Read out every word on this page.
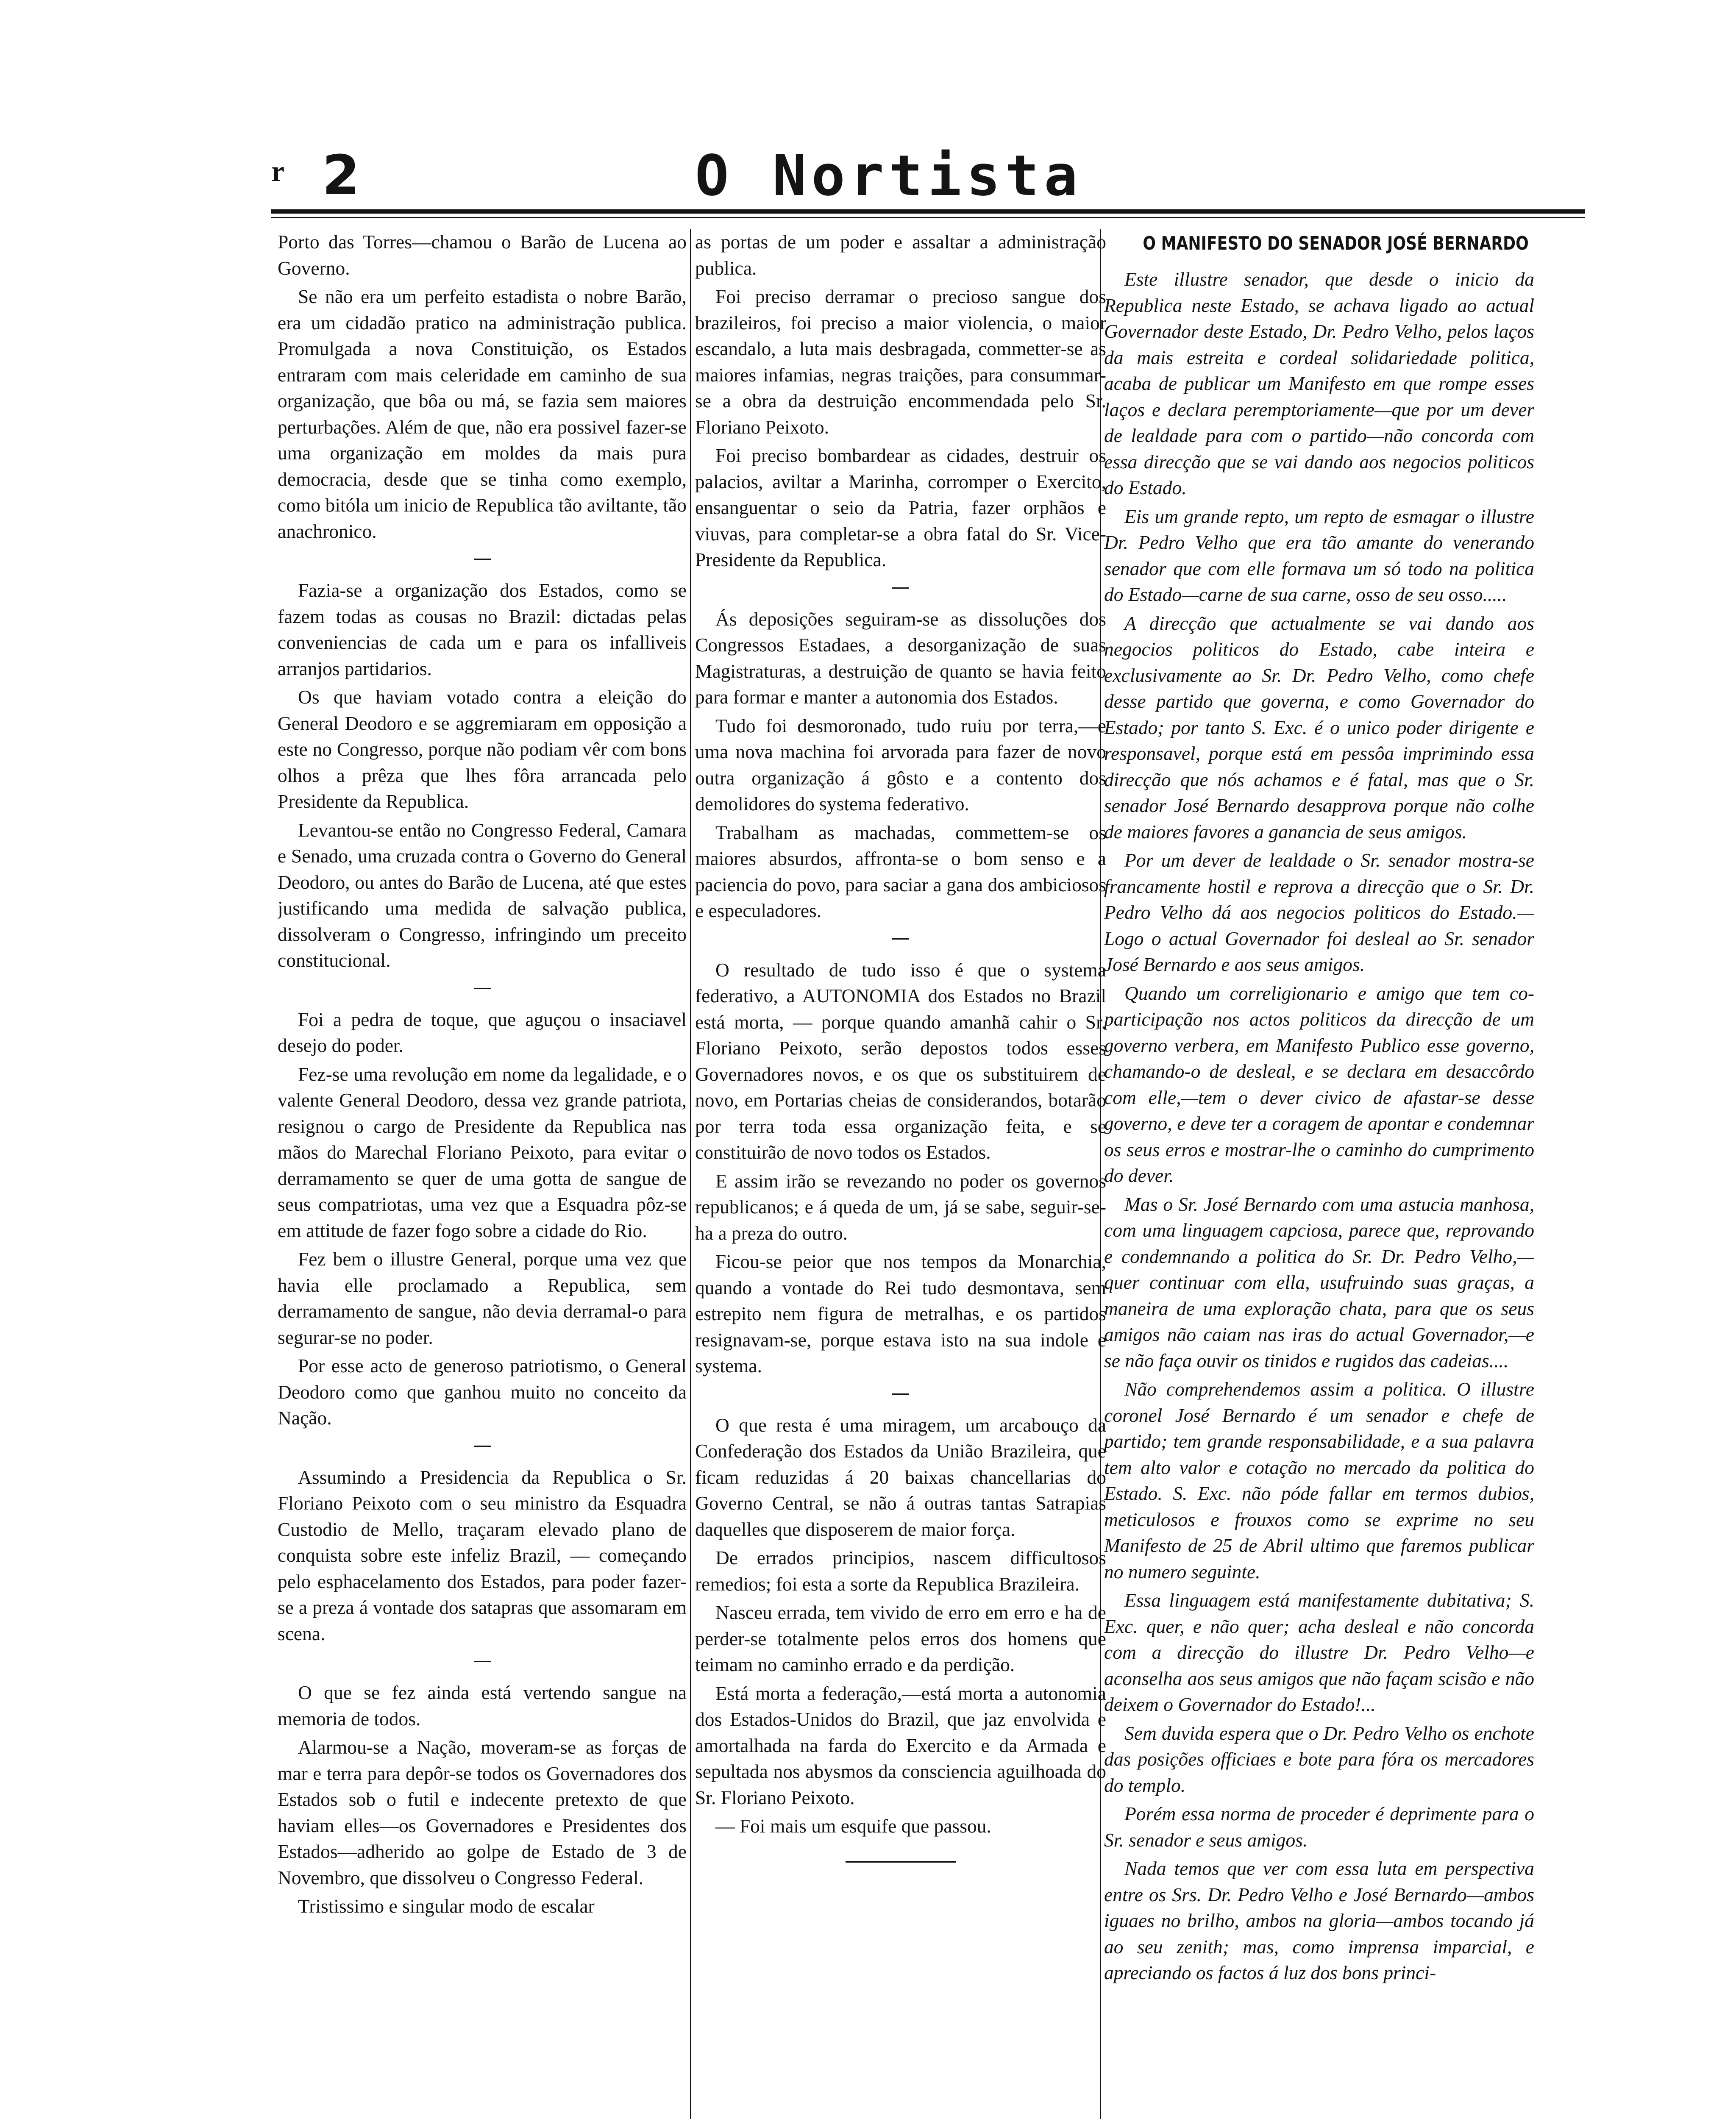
r 2	O Nortista

Porto das Torres—chamou o Barão de Lucena ao Governo.

Se não era um perfeito estadista o nobre Barão, era um cidadão pratico na administração publica. Promulgada a nova Constituição, os Estados entraram com mais celeridade em caminho de sua organização, que bôa ou má, se fazia sem maiores perturbações. Além de que, não era possivel fazer-se uma organização em moldes da mais pura democracia, desde que se tinha como exemplo, como bitóla um inicio de Republica tão aviltante, tão anachronico.

Fazia-se a organização dos Estados, como se fazem todas as cousas no Brazil: dictadas pelas conveniencias de cada um e para os infalliveis arranjos partidarios.

Os que haviam votado contra a eleição do General Deodoro e se aggremiaram em opposição a este no Congresso, porque não podiam vêr com bons olhos a prêza que lhes fôra arrancada pelo Presidente da Republica.

Levantou-se então no Congresso Federal, Camara e Senado, uma cruzada contra o Governo do General Deodoro, ou antes do Barão de Lucena, até que estes justificando uma medida de salvação publica, dissolveram o Congresso, infringindo um preceito constitucional.

Foi a pedra de toque, que aguçou o insaciavel desejo do poder.

Fez-se uma revolução em nome da legalidade, e o valente General Deodoro, dessa vez grande patriota, resignou o cargo de Presidente da Republica nas mãos do Marechal Floriano Peixoto, para evitar o derramamento se quer de uma gotta de sangue de seus compatriotas, uma vez que a Esquadra pôz-se em attitude de fazer fogo sobre a cidade do Rio.

Fez bem o illustre General, porque uma vez que havia elle proclamado a Republica, sem derramamento de sangue, não devia derramal-o para segurar-se no poder.

Por esse acto de generoso patriotismo, o General Deodoro como que ganhou muito no conceito da Nação.

Assumindo a Presidencia da Republica o Sr. Floriano Peixoto com o seu ministro da Esquadra Custodio de Mello, traçaram elevado plano de conquista sobre este infeliz Brazil, — começando pelo esphacelamento dos Estados, para poder fazer-se a preza á vontade dos satapras que assomaram em scena.

O que se fez ainda está vertendo sangue na memoria de todos.

Alarmou-se a Nação, moveram-se as forças de mar e terra para depôr-se todos os Governadores dos Estados sob o futil e indecente pretexto de que haviam elles—os Governadores e Presidentes dos Estados—adherido ao golpe de Estado de 3 de Novembro, que dissolveu o Congresso Federal.

Tristissimo e singular modo de escalar

as portas de um poder e assaltar a administração publica.

Foi preciso derramar o precioso sangue dos brazileiros, foi preciso a maior violencia, o maior escandalo, a luta mais desbragada, commetter-se as maiores infamias, negras traições, para consummar-se a obra da destruição encommendada pelo Sr. Floriano Peixoto.

Foi preciso bombardear as cidades, destruir os palacios, aviltar a Marinha, corromper o Exercito, ensanguentar o seio da Patria, fazer orphãos e viuvas, para completar-se a obra fatal do Sr. Vice-Presidente da Republica.

Ás deposições seguiram-se as dissoluções dos Congressos Estadaes, a desorganização de suas Magistraturas, a destruição de quanto se havia feito para formar e manter a autonomia dos Estados.

Tudo foi desmoronado, tudo ruiu por terra,—e uma nova machina foi arvorada para fazer de novo outra organização á gôsto e a contento dos demolidores do systema federativo.

Trabalham as machadas, commettem-se os maiores absurdos, affronta-se o bom senso e a paciencia do povo, para saciar a gana dos ambiciosos e especuladores.

O resultado de tudo isso é que o systema federativo, a AUTONOMIA dos Estados no Brazil está morta, — porque quando amanhã cahir o Sr. Floriano Peixoto, serão depostos todos esses Governadores novos, e os que os substituirem de novo, em Portarias cheias de considerandos, botarão por terra toda essa organização feita, e se constituirão de novo todos os Estados.

E assim irão se revezando no poder os governos republicanos; e á queda de um, já se sabe, seguir-se-ha a preza do outro.

Ficou-se peior que nos tempos da Monarchia, quando a vontade do Rei tudo desmontava, sem estrepito nem figura de metralhas, e os partidos resignavam-se, porque estava isto na sua indole e systema.

O que resta é uma miragem, um arcabouço da Confederação dos Estados da União Brazileira, que ficam reduzidas á 20 baixas chancellarias do Governo Central, se não á outras tantas Satrapias daquelles que disposerem de maior força.

De errados principios, nascem difficultosos remedios; foi esta a sorte da Republica Brazileira.

Nasceu errada, tem vivido de erro em erro e ha de perder-se totalmente pelos erros dos homens que teimam no caminho errado e da perdição.

Está morta a federação,—está morta a autonomia dos Estados-Unidos do Brazil, que jaz envolvida e amortalhada na farda do Exercito e da Armada e sepultada nos abysmos da consciencia aguilhoada do Sr. Floriano Peixoto.

— Foi mais um esquife que passou.

O MANIFESTO DO SENADOR JOSÉ BERNARDO

Este illustre senador, que desde o inicio da Republica neste Estado, se achava ligado ao actual Governador deste Estado, Dr. Pedro Velho, pelos laços da mais estreita e cordeal solidariedade politica, acaba de publicar um Manifesto em que rompe esses laços e declara peremptoriamente—que por um dever de lealdade para com o partido—não concorda com essa direcção que se vai dando aos negocios politicos do Estado.

Eis um grande repto, um repto de esmagar o illustre Dr. Pedro Velho que era tão amante do venerando senador que com elle formava um só todo na politica do Estado—carne de sua carne, osso de seu osso.....

A direcção que actualmente se vai dando aos negocios politicos do Estado, cabe inteira e exclusivamente ao Sr. Dr. Pedro Velho, como chefe desse partido que governa, e como Governador do Estado; por tanto S. Exc. é o unico poder dirigente e responsavel, porque está em pessôa imprimindo essa direcção que nós achamos e é fatal, mas que o Sr. senador José Bernardo desapprova porque não colhe de maiores favores a ganancia de seus amigos.

Por um dever de lealdade o Sr. senador mostra-se francamente hostil e reprova a direcção que o Sr. Dr. Pedro Velho dá aos negocios politicos do Estado.—Logo o actual Governador foi desleal ao Sr. senador José Bernardo e aos seus amigos.

Quando um correligionario e amigo que tem co-participação nos actos politicos da direcção de um governo verbera, em Manifesto Publico esse governo, chamando-o de desleal, e se declara em desaccôrdo com elle,—tem o dever civico de afastar-se desse governo, e deve ter a coragem de apontar e condemnar os seus erros e mostrar-lhe o caminho do cumprimento do dever.

Mas o Sr. José Bernardo com uma astucia manhosa, com uma linguagem capciosa, parece que, reprovando e condemnando a politica do Sr. Dr. Pedro Velho,—quer continuar com ella, usufruindo suas graças, a maneira de uma exploração chata, para que os seus amigos não caiam nas iras do actual Governador,—e se não faça ouvir os tinidos e rugidos das cadeias....

Não comprehendemos assim a politica. O illustre coronel José Bernardo é um senador e chefe de partido; tem grande responsabilidade, e a sua palavra tem alto valor e cotação no mercado da politica do Estado. S. Exc. não póde fallar em termos dubios, meticulosos e frouxos como se exprime no seu Manifesto de 25 de Abril ultimo que faremos publicar no numero seguinte.

Essa linguagem está manifestamente dubitativa; S. Exc. quer, e não quer; acha desleal e não concorda com a direcção do illustre Dr. Pedro Velho—e aconselha aos seus amigos que não façam scisão e não deixem o Governador do Estado!...

Sem duvida espera que o Dr. Pedro Velho os enchote das posições officiaes e bote para fóra os mercadores do templo.

Porém essa norma de proceder é deprimente para o Sr. senador e seus amigos.

Nada temos que ver com essa luta em perspectiva entre os Srs. Dr. Pedro Velho e José Bernardo—ambos iguaes no brilho, ambos na gloria—ambos tocando já ao seu zenith; mas, como imprensa imparcial, e apreciando os factos á luz dos bons princi-
